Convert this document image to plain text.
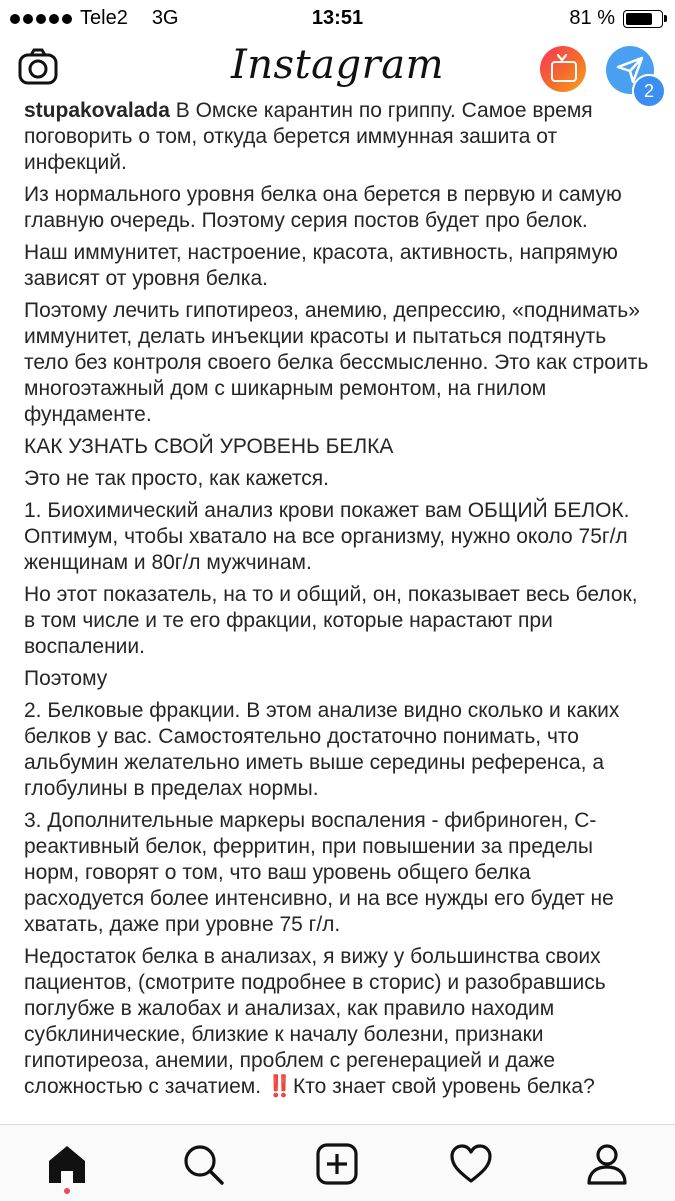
Tele2 3G	13:51	81 %
Instagram
2

stupakovalada В Омске карантин по гриппу. Самое время поговорить о том, откуда берется иммунная зашита от инфекций.

Из нормального уровня белка она берется в первую и самую главную очередь. Поэтому серия постов будет про белок.

Наш иммунитет, настроение, красота, активность, напрямую зависят от уровня белка.

Поэтому лечить гипотиреоз, анемию, депрессию, «поднимать» иммунитет, делать инъекции красоты и пытаться подтянуть тело без контроля своего белка бессмысленно. Это как строить многоэтажный дом с шикарным ремонтом, на гнилом фундаменте.

КАК УЗНАТЬ СВОЙ УРОВЕНЬ БЕЛКА

Это не так просто, как кажется.

1. Биохимический анализ крови покажет вам ОБЩИЙ БЕЛОК. Оптимум, чтобы хватало на все организму, нужно около 75г/л женщинам и 80г/л мужчинам.

Но этот показатель, на то и общий, он, показывает весь белок, в том числе и те его фракции, которые нарастают при воспалении.

Поэтому

2. Белковые фракции. В этом анализе видно сколько и каких белков у вас. Самостоятельно достаточно понимать, что альбумин желательно иметь выше середины референса, а глобулины в пределах нормы.

3. Дополнительные маркеры воспаления - фибриноген, С- реактивный белок, ферритин, при повышении за пределы норм, говорят о том, что ваш уровень общего белка расходуется более интенсивно, и на все нужды его будет не хватать, даже при уровне 75 г/л.

Недостаток белка в анализах, я вижу у большинства своих пациентов, (смотрите подробнее в сторис) и разобравшись поглубже в жалобах и анализах, как правило находим субклинические, близкие к началу болезни, признаки гипотиреоза, анемии, проблем с регенерацией и даже сложностью с зачатием. ‼️Кто знает свой уровень белка?
